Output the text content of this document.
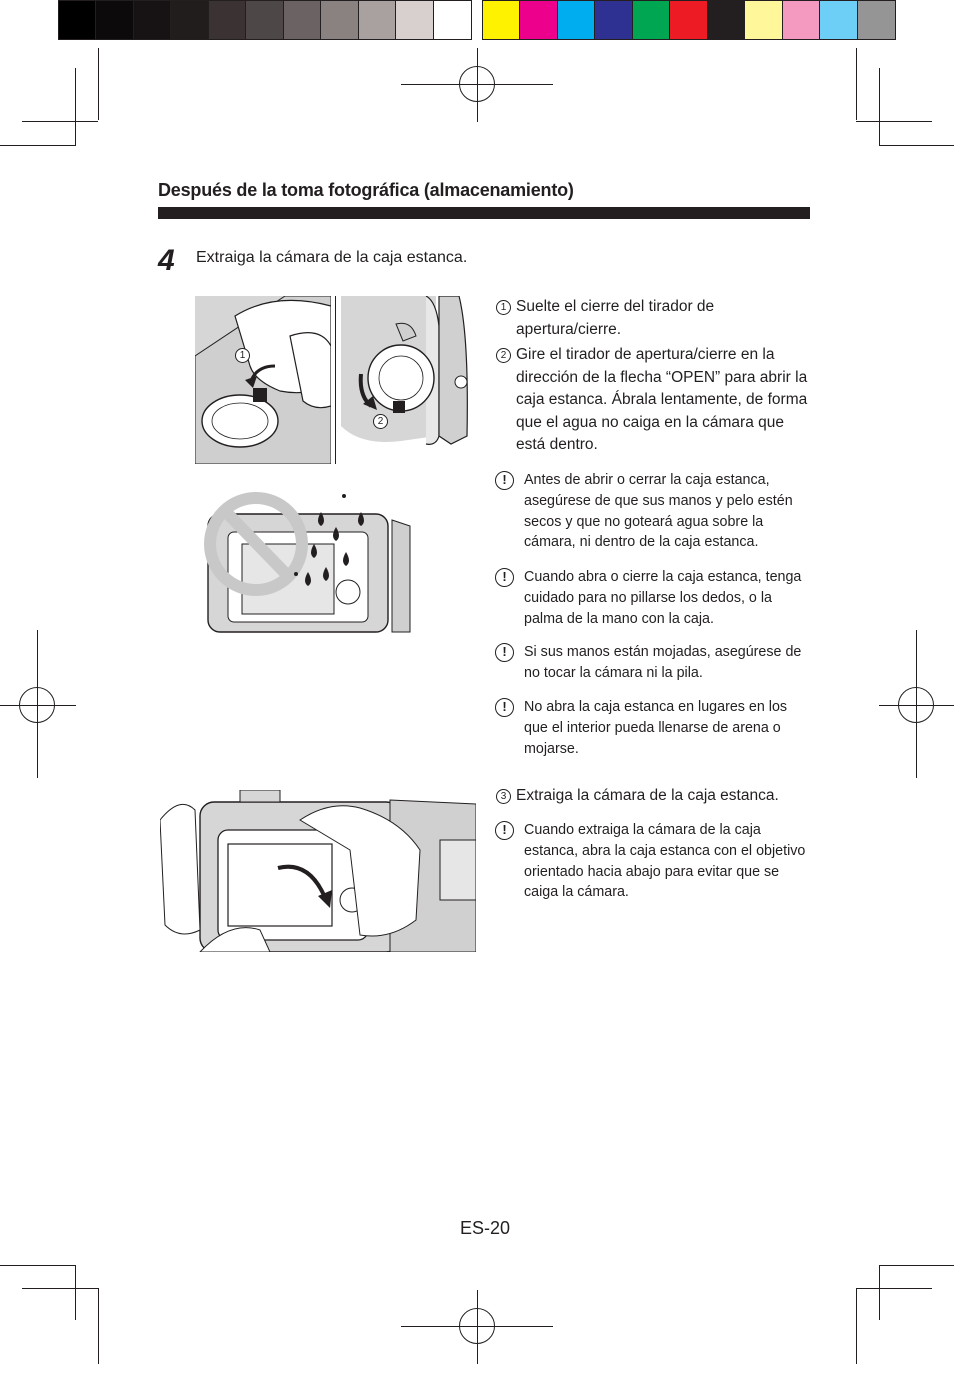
Después de la toma fotográfica (almacenamiento)
4 Extraiga la cámara de la caja estanca.
1
2
1 Suelte el cierre del tirador de apertura/cierre.
2 Gire el tirador de apertura/cierre en la dirección de la flecha “OPEN” para abrir la caja estanca. Ábrala lentamente, de forma que el agua no caiga en la cámara que está dentro.
!	Antes de abrir o cerrar la caja estanca, asegúrese de que sus manos y pelo estén secos y que no goteará agua sobre la cámara, ni dentro de la caja estanca.
!	Cuando abra o cierre la caja estanca, tenga cuidado para no pillarse los dedos, o la palma de la mano con la caja.
!	Si sus manos están mojadas, asegúrese de no tocar la cámara ni la pila.
!	No abra la caja estanca en lugares en los que el interior pueda llenarse de arena o mojarse.
3 Extraiga la cámara de la caja estanca.
!	Cuando extraiga la cámara de la caja estanca, abra la caja estanca con el objetivo orientado hacia abajo para evitar que se caiga la cámara.
ES-20
